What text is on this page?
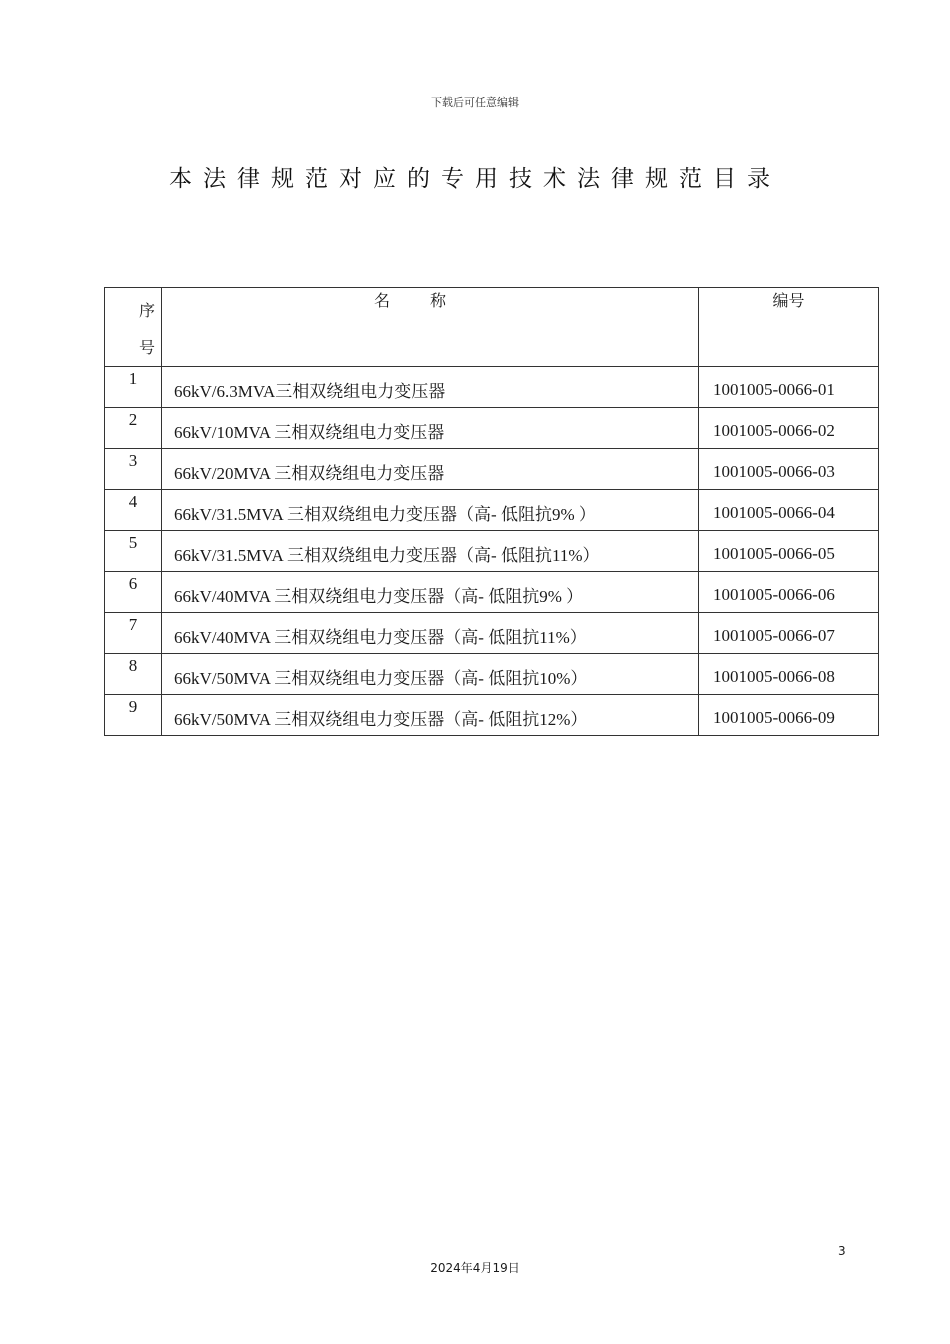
下载后可任意编辑
本法律规范对应的专用技术法律规范目录
序
号	名称	编号
1	66kV/6.3MVA三相双绕组电力变压器	1001005-0066-01
2	66kV/10MVA 三相双绕组电力变压器	1001005-0066-02
3	66kV/20MVA 三相双绕组电力变压器	1001005-0066-03
4	66kV/31.5MVA 三相双绕组电力变压器（高- 低阻抗9% ）	1001005-0066-04
5	66kV/31.5MVA 三相双绕组电力变压器（高- 低阻抗11%）	1001005-0066-05
6	66kV/40MVA 三相双绕组电力变压器（高- 低阻抗9% ）	1001005-0066-06
7	66kV/40MVA 三相双绕组电力变压器（高- 低阻抗11%）	1001005-0066-07
8	66kV/50MVA 三相双绕组电力变压器（高- 低阻抗10%）	1001005-0066-08
9	66kV/50MVA 三相双绕组电力变压器（高- 低阻抗12%）	1001005-0066-09
3
2024年4月19日
